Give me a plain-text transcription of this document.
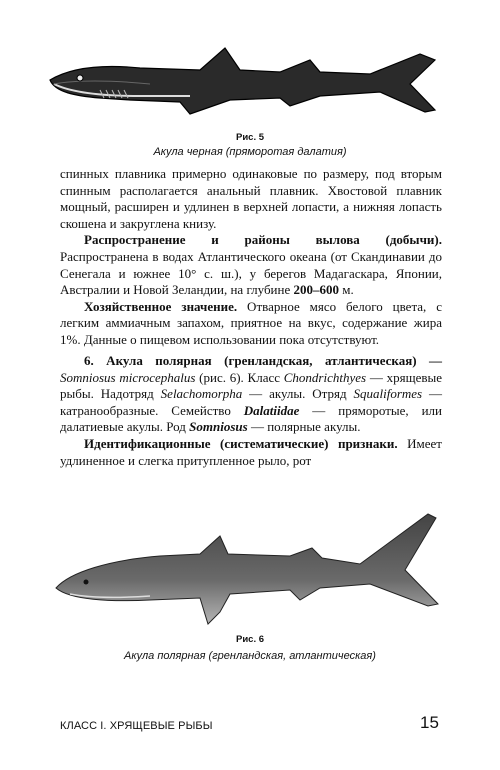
Рис. 5
Акула черная (пряморотая далатия)

спинных плавника примерно одинаковые по размеру, под вторым спинным располагается анальный плавник. Хвостовой плавник мощный, расширен и удлинен в верхней лопасти, а нижняя лопасть скошена и закруглена книзу.

Распространение и районы вылова (добычи). Распространена в водах Атлантического океана (от Скандинавии до Сенегала и южнее 10° с. ш.), у берегов Мадагаскара, Японии, Австралии и Новой Зеландии, на глубине 200–600 м.

Хозяйственное значение. Отварное мясо белого цвета, с легким аммиачным запахом, приятное на вкус, содержание жира 1%. Данные о пищевом использовании пока отсутствуют.

6. Акула полярная (гренландская, атлантическая) — Somniosus microcephalus (рис. 6). Класс Chondrichthyes — хрящевые рыбы. Надотряд Selachomorpha — акулы. Отряд Squaliformes — катранообразные. Семейство Dalatiidae — пряморотые, или далатиевые акулы. Род Somniosus — полярные акулы.

Идентификационные (систематические) признаки. Имеет удлиненное и слегка притупленное рыло, рот

Рис. 6
Акула полярная (гренландская, атлантическая)
КЛАСС I. ХРЯЩЕВЫЕ РЫБЫ	15
